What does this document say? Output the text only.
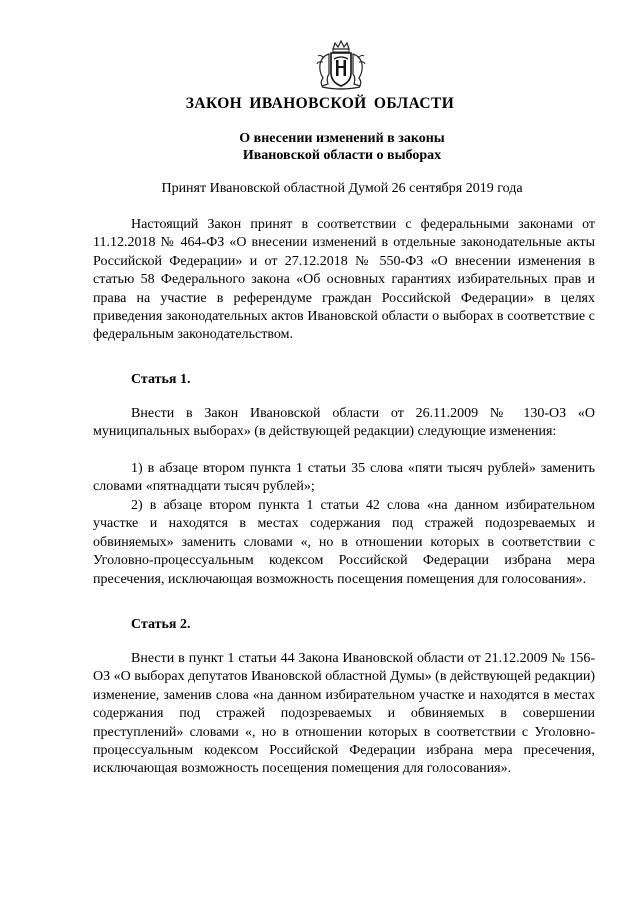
ЗАКОН ИВАНОВСКОЙ ОБЛАСТИ
О внесении изменений в законы
Ивановской области о выборах
Принят Ивановской областной Думой 26 сентября 2019 года

Настоящий Закон принят в соответствии с федеральными законами от 11.12.2018 № 464-ФЗ «О внесении изменений в отдельные законодательные акты Российской Федерации» и от 27.12.2018 № 550-ФЗ «О внесении изменения в статью 58 Федерального закона «Об основных гарантиях избирательных прав и права на участие в референдуме граждан Российской Федерации» в целях приведения законодательных актов Ивановской области о выборах в соответствие с федеральным законодательством.

Статья 1.

Внести в Закон Ивановской области от 26.11.2009 № 130-ОЗ «О муниципальных выборах» (в действующей редакции) следующие изменения:

1) в абзаце втором пункта 1 статьи 35 слова «пяти тысяч рублей» заменить словами «пятнадцати тысяч рублей»;

2) в абзаце втором пункта 1 статьи 42 слова «на данном избирательном участке и находятся в местах содержания под стражей подозреваемых и обвиняемых» заменить словами «, но в отношении которых в соответствии с Уголовно-процессуальным кодексом Российской Федерации избрана мера пресечения, исключающая возможность посещения помещения для голосования».

Статья 2.

Внести в пункт 1 статьи 44 Закона Ивановской области от 21.12.2009 № 156-ОЗ «О выборах депутатов Ивановской областной Думы» (в действующей редакции) изменение, заменив слова «на данном избирательном участке и находятся в местах содержания под стражей подозреваемых и обвиняемых в совершении преступлений» словами «, но в отношении которых в соответствии с Уголовно-процессуальным кодексом Российской Федерации избрана мера пресечения, исключающая возможность посещения помещения для голосования».
